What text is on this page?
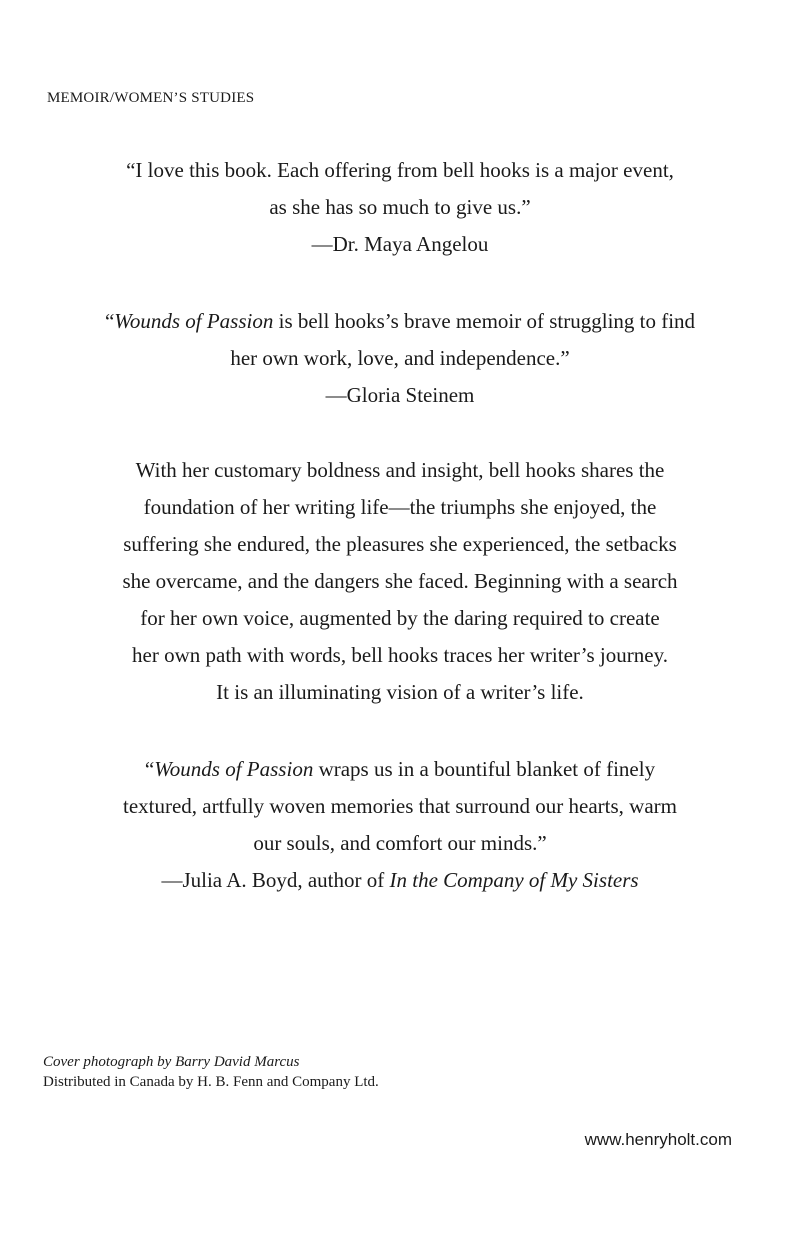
MEMOIR/WOMEN’S STUDIES

“I love this book. Each offering from bell hooks is a major event,

as she has so much to give us.”

—Dr. Maya Angelou

“Wounds of Passion is bell hooks’s brave memoir of struggling to find

her own work, love, and independence.”

—Gloria Steinem

With her customary boldness and insight, bell hooks shares the

foundation of her writing life—the triumphs she enjoyed, the

suffering she endured, the pleasures she experienced, the setbacks

she overcame, and the dangers she faced. Beginning with a search

for her own voice, augmented by the daring required to create

her own path with words, bell hooks traces her writer’s journey.

It is an illuminating vision of a writer’s life.

“Wounds of Passion wraps us in a bountiful blanket of finely

textured, artfully woven memories that surround our hearts, warm

our souls, and comfort our minds.”

—Julia A. Boyd, author of In the Company of My Sisters

Cover photograph by Barry David Marcus
Distributed in Canada by H. B. Fenn and Company Ltd.
www.henryholt.com
